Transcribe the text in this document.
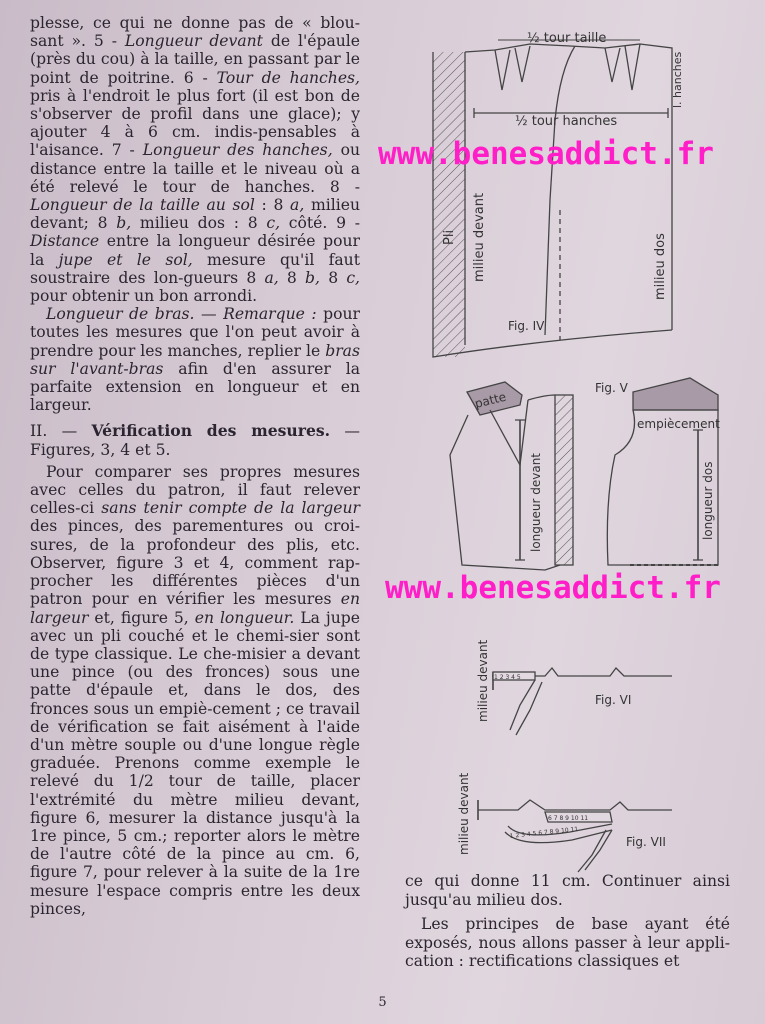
plesse, ce qui ne donne pas de « blou-sant ». 5 - Longueur devant de l'épaule (près du cou) à la taille, en passant par le point de poitrine. 6 - Tour de hanches, pris à l'endroit le plus fort (il est bon de s'observer de profil dans une glace); y ajouter 4 à 6 cm. indis-pensables à l'aisance. 7 - Longueur des hanches, ou distance entre la taille et le niveau où a été relevé le tour de hanches. 8 - Longueur de la taille au sol : 8 a, milieu devant; 8 b, milieu dos : 8 c, côté. 9 - Distance entre la longueur désirée pour la jupe et le sol, mesure qu'il faut soustraire des lon-gueurs 8 a, 8 b, 8 c, pour obtenir un bon arrondi.

Longueur de bras. — Remarque : pour toutes les mesures que l'on peut avoir à prendre pour les manches, replier le bras sur l'avant-bras afin d'en assurer la parfaite extension en longueur et en largeur.

II. — Vérification des mesures. — Figures, 3, 4 et 5.

Pour comparer ses propres mesures avec celles du patron, il faut relever celles-ci sans tenir compte de la largeur des pinces, des parementures ou croi-sures, de la profondeur des plis, etc. Observer, figure 3 et 4, comment rap-procher les différentes pièces d'un patron pour en vérifier les mesures en largeur et, figure 5, en longueur. La jupe avec un pli couché et le chemi-sier sont de type classique. Le che-misier a devant une pince (ou des fronces) sous une patte d'épaule et, dans le dos, des fronces sous un empiè-cement ; ce travail de vérification se fait aisément à l'aide d'un mètre souple ou d'une longue règle graduée. Prenons comme exemple le relevé du 1/2 tour de taille, placer l'extrémité du mètre milieu devant, figure 6, mesurer la distance jusqu'à la 1re pince, 5 cm.; reporter alors le mètre de l'autre côté de la pince au cm. 6, figure 7, pour relever à la suite de la 1re mesure l'espace compris entre les deux pinces,

½ tour taille
½ tour hanches
l. hanches
Pli milieu devant	milieu dos
Fig. IV
patte
empiècement
longueur devant	longueur dos
Fig. V
1 2 3 4 5
milieu devant	Fig. VI
6 7 8 9 10 11
1 2 3 4 5 6 7 8 9 10 11
milieu devant	Fig. VII

ce qui donne 11 cm. Continuer ainsi jusqu'au milieu dos.

Les principes de base ayant été exposés, nous allons passer à leur appli-cation : rectifications classiques et

5
www.benesaddict.fr
www.benesaddict.fr
